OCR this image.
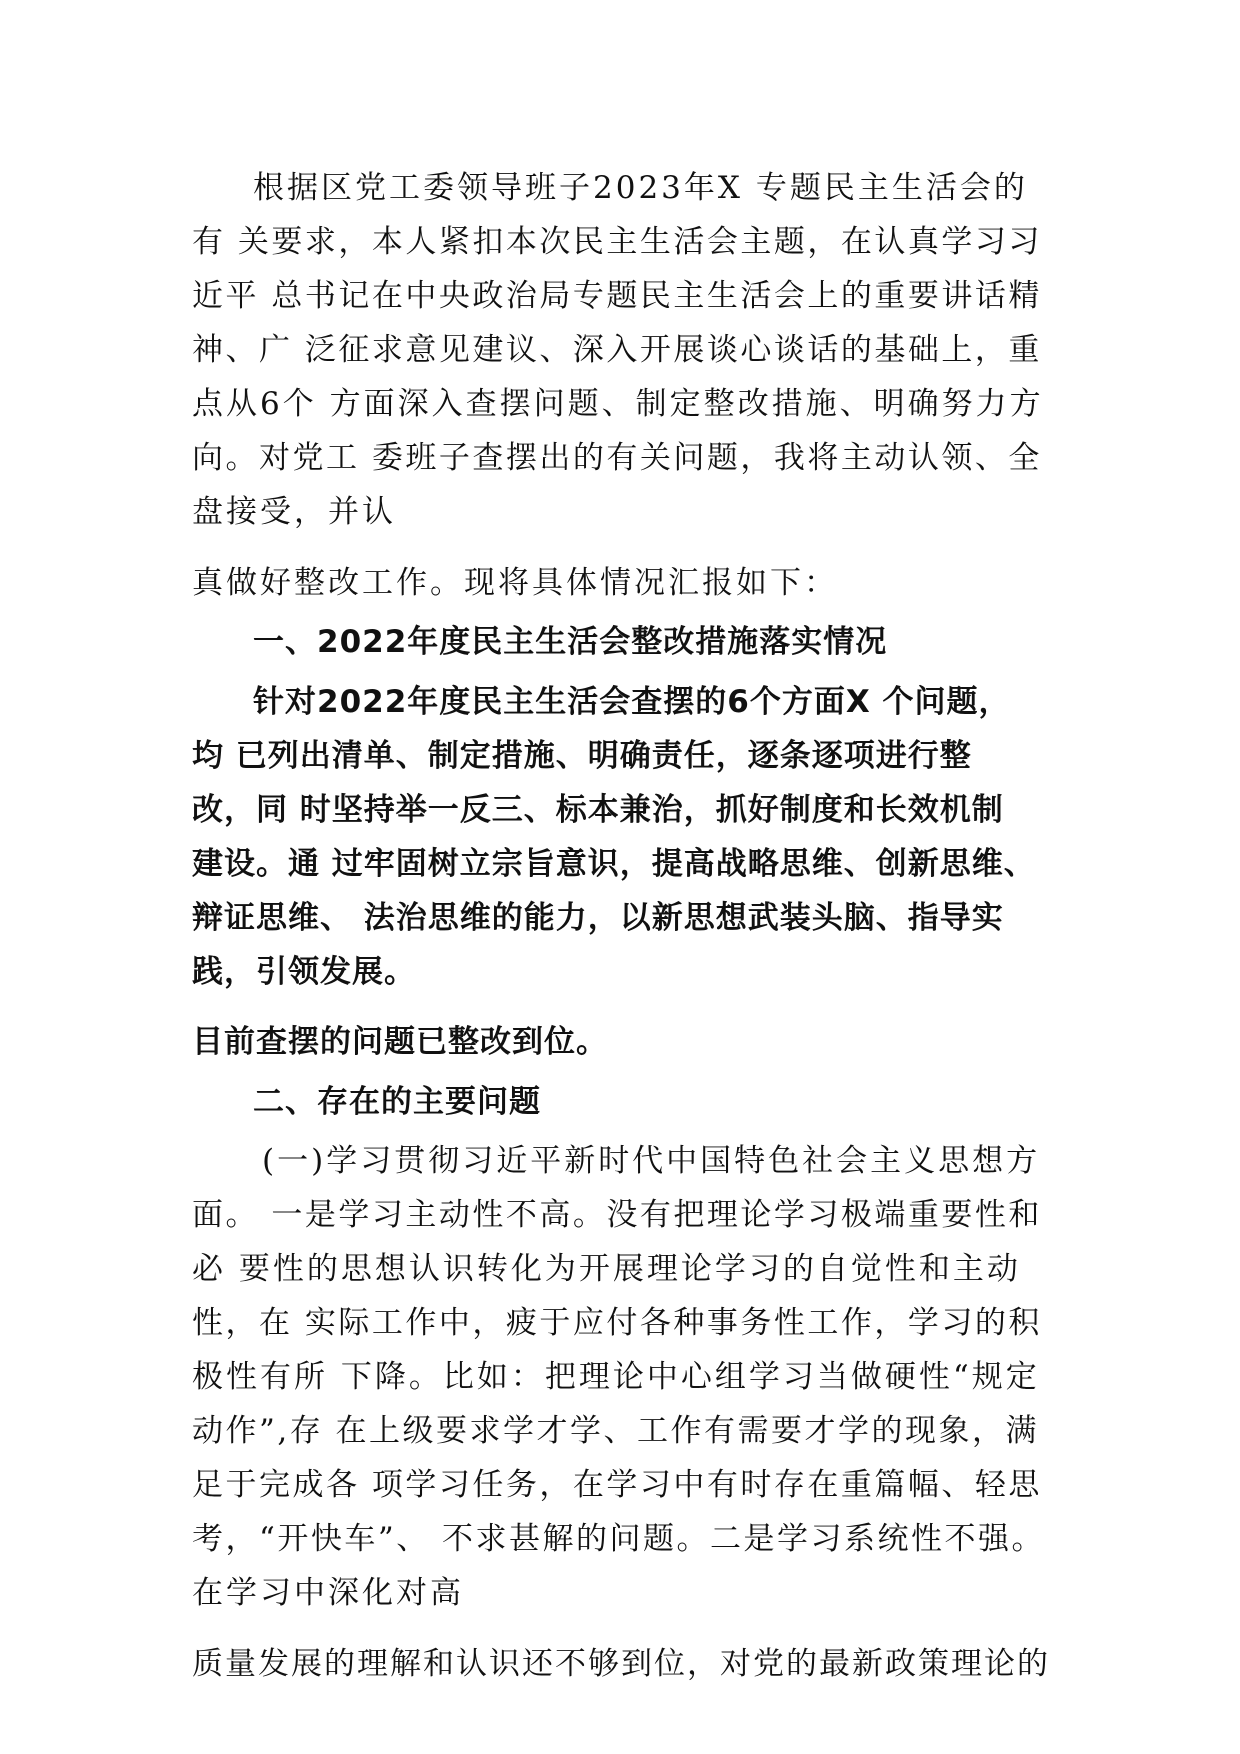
根据区党工委领导班子2023年X 专题民主生活会的
有 关要求，本人紧扣本次民主生活会主题，在认真学习习
近平 总书记在中央政治局专题民主生活会上的重要讲话精
神、广 泛征求意见建议、深入开展谈心谈话的基础上，重
点从6个 方面深入查摆问题、制定整改措施、明确努力方
向。对党工 委班子查摆出的有关问题，我将主动认领、全
盘接受，并认
真做好整改工作。现将具体情况汇报如下：
一、2022年度民主生活会整改措施落实情况
针对2022年度民主生活会查摆的6个方面X 个问题，
均 已列出清单、制定措施、明确责任，逐条逐项进行整
改，同 时坚持举一反三、标本兼治，抓好制度和长效机制
建设。通 过牢固树立宗旨意识，提高战略思维、创新思维、
辩证思维、 法治思维的能力，以新思想武装头脑、指导实
践，引领发展。
目前查摆的问题已整改到位。
二、存在的主要问题
(一)学习贯彻习近平新时代中国特色社会主义思想方
面。 一是学习主动性不高。没有把理论学习极端重要性和
必 要性的思想认识转化为开展理论学习的自觉性和主动
性，在 实际工作中，疲于应付各种事务性工作，学习的积
极性有所 下降。比如：把理论中心组学习当做硬性“规定
动作”,存 在上级要求学才学、工作有需要才学的现象，满
足于完成各 项学习任务，在学习中有时存在重篇幅、轻思
考，“开快车”、 不求甚解的问题。二是学习系统性不强。
在学习中深化对高
质量发展的理解和认识还不够到位，对党的最新政策理论的
